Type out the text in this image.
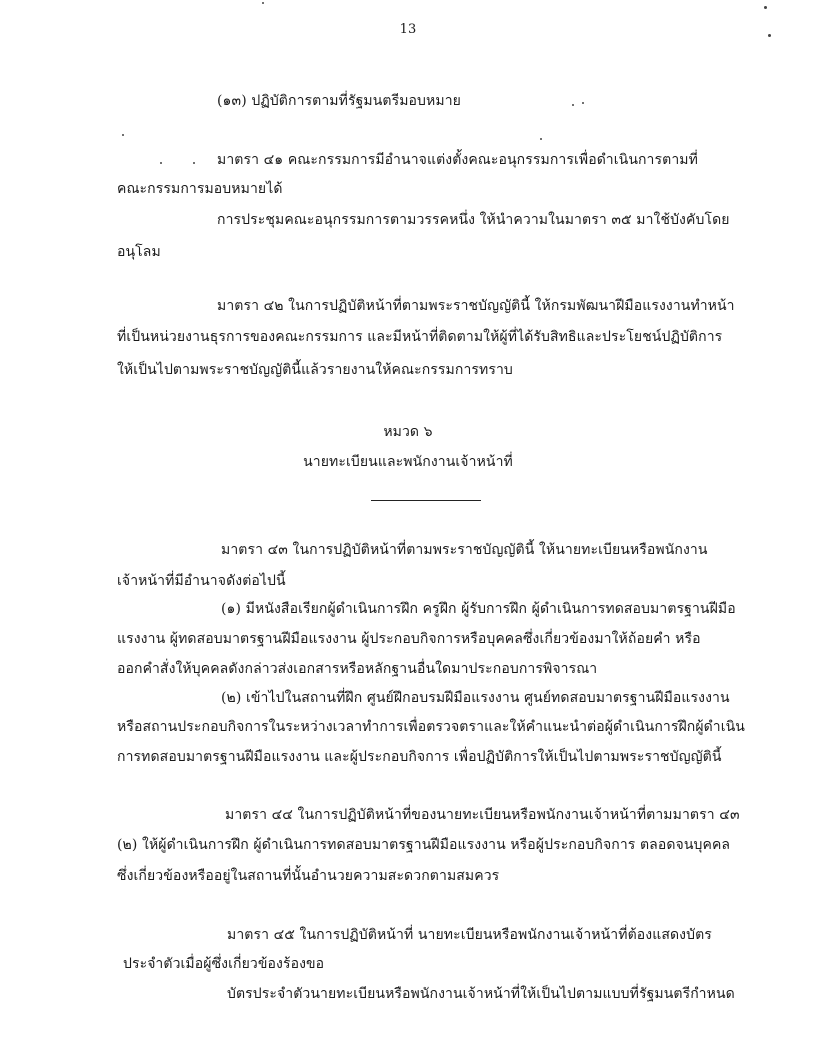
13
(๑๓) ปฏิบัติการตามที่รัฐมนตรีมอบหมาย
มาตรา ๔๑ คณะกรรมการมีอำนาจแต่งตั้งคณะอนุกรรมการเพื่อดำเนินการตามที่
คณะกรรมการมอบหมายได้
การประชุมคณะอนุกรรมการตามวรรคหนึ่ง ให้นำความในมาตรา ๓๕ มาใช้บังคับโดย
อนุโลม
มาตรา ๔๒ ในการปฏิบัติหน้าที่ตามพระราชบัญญัตินี้ ให้กรมพัฒนาฝีมือแรงงานทำหน้า
ที่เป็นหน่วยงานธุรการของคณะกรรมการ และมีหน้าที่ติดตามให้ผู้ที่ได้รับสิทธิและประโยชน์ปฏิบัติการ
ให้เป็นไปตามพระราชบัญญัตินี้แล้วรายงานให้คณะกรรมการทราบ
หมวด ๖
นายทะเบียนและพนักงานเจ้าหน้าที่
มาตรา ๔๓ ในการปฏิบัติหน้าที่ตามพระราชบัญญัตินี้ ให้นายทะเบียนหรือพนักงาน
เจ้าหน้าที่มีอำนาจดังต่อไปนี้
(๑) มีหนังสือเรียกผู้ดำเนินการฝึก ครูฝึก ผู้รับการฝึก ผู้ดำเนินการทดสอบมาตรฐานฝีมือ
แรงงาน ผู้ทดสอบมาตรฐานฝีมือแรงงาน ผู้ประกอบกิจการหรือบุคคลซึ่งเกี่ยวข้องมาให้ถ้อยคำ หรือ
ออกคำสั่งให้บุคคลดังกล่าวส่งเอกสารหรือหลักฐานอื่นใดมาประกอบการพิจารณา
(๒) เข้าไปในสถานที่ฝึก ศูนย์ฝึกอบรมฝีมือแรงงาน ศูนย์ทดสอบมาตรฐานฝีมือแรงงาน
หรือสถานประกอบกิจการในระหว่างเวลาทำการเพื่อตรวจตราและให้คำแนะนำต่อผู้ดำเนินการฝึกผู้ดำเนิน
การทดสอบมาตรฐานฝีมือแรงงาน และผู้ประกอบกิจการ เพื่อปฏิบัติการให้เป็นไปตามพระราชบัญญัตินี้
มาตรา ๔๔ ในการปฏิบัติหน้าที่ของนายทะเบียนหรือพนักงานเจ้าหน้าที่ตามมาตรา ๔๓
(๒) ให้ผู้ดำเนินการฝึก ผู้ดำเนินการทดสอบมาตรฐานฝีมือแรงงาน หรือผู้ประกอบกิจการ ตลอดจนบุคคล
ซึ่งเกี่ยวข้องหรืออยู่ในสถานที่นั้นอำนวยความสะดวกตามสมควร
มาตรา ๔๕ ในการปฏิบัติหน้าที่ นายทะเบียนหรือพนักงานเจ้าหน้าที่ต้องแสดงบัตร
ประจำตัวเมื่อผู้ซึ่งเกี่ยวข้องร้องขอ
บัตรประจำตัวนายทะเบียนหรือพนักงานเจ้าหน้าที่ให้เป็นไปตามแบบที่รัฐมนตรีกำหนด
